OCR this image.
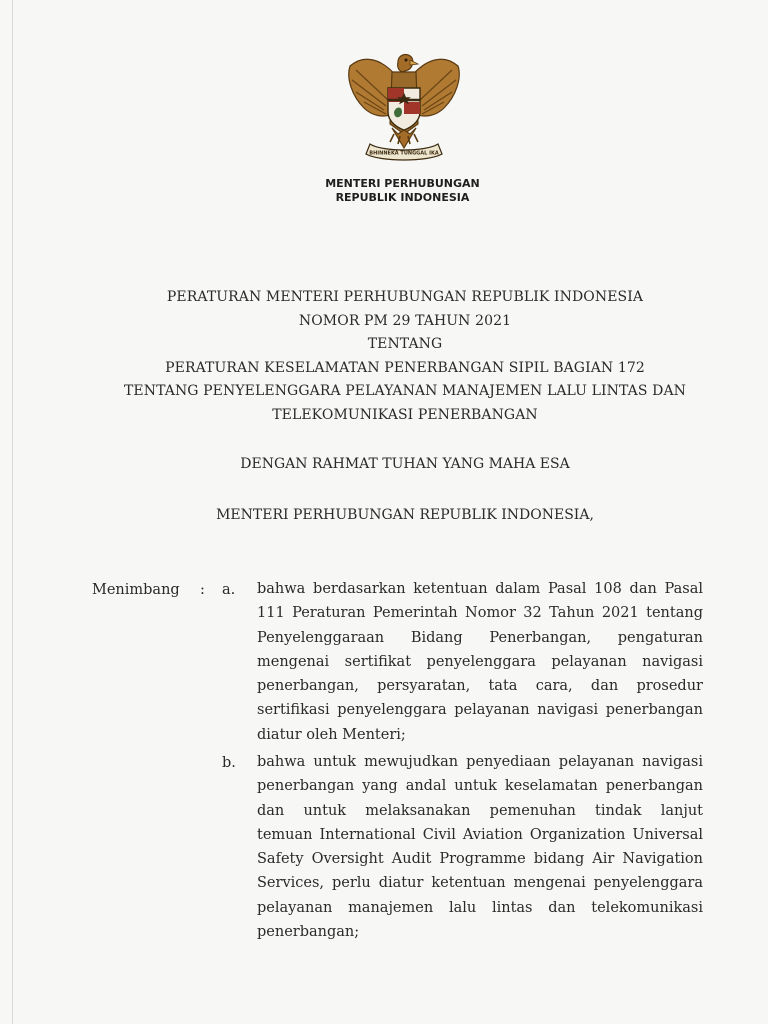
BHINNEKA TUNGGAL IKA
MENTERI PERHUBUNGAN
REPUBLIK INDONESIA
PERATURAN MENTERI PERHUBUNGAN REPUBLIK INDONESIA
NOMOR PM 29 TAHUN 2021
TENTANG
PERATURAN KESELAMATAN PENERBANGAN SIPIL BAGIAN 172
TENTANG PENYELENGGARA PELAYANAN MANAJEMEN LALU LINTAS DAN
TELEKOMUNIKASI PENERBANGAN
DENGAN RAHMAT TUHAN YANG MAHA ESA
MENTERI PERHUBUNGAN REPUBLIK INDONESIA,
Menimbang : a. bahwa berdasarkan ketentuan dalam Pasal 108 dan Pasal
111 Peraturan Pemerintah Nomor 32 Tahun 2021 tentang
Penyelenggaraan Bidang Penerbangan, pengaturan
mengenai sertifikat penyelenggara pelayanan navigasi
penerbangan, persyaratan, tata cara, dan prosedur
sertifikasi penyelenggara pelayanan navigasi penerbangan
diatur oleh Menteri;
b. bahwa untuk mewujudkan penyediaan pelayanan navigasi
penerbangan yang andal untuk keselamatan penerbangan
dan untuk melaksanakan pemenuhan tindak lanjut
temuan International Civil Aviation Organization Universal
Safety Oversight Audit Programme bidang Air Navigation
Services, perlu diatur ketentuan mengenai penyelenggara
pelayanan manajemen lalu lintas dan telekomunikasi
penerbangan;
